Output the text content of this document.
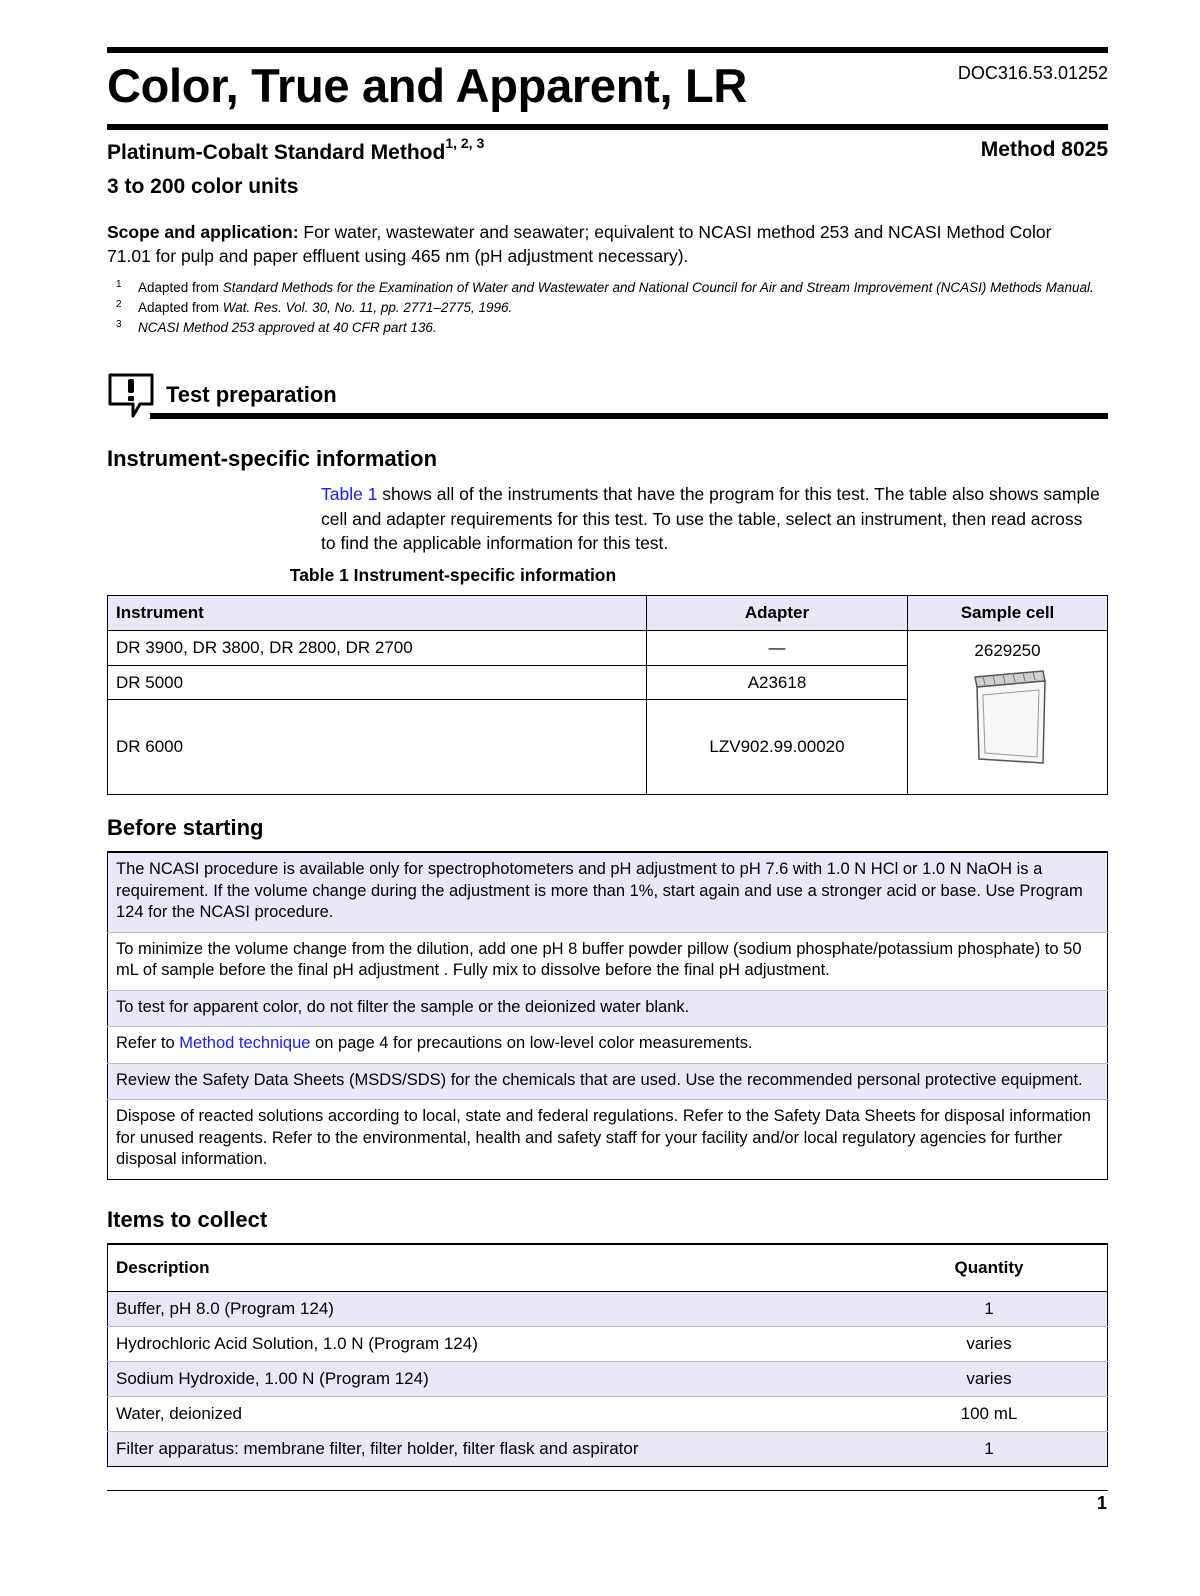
Color, True and Apparent, LR	DOC316.53.01252
Platinum-Cobalt Standard Method$^{1, 2, 3}$	Method 8025
3 to 200 color units
Scope and application: For water, wastewater and seawater; equivalent to NCASI method 253 and NCASI Method Color 71.01 for pulp and paper effluent using 465 nm (pH adjustment necessary).
1	Adapted from Standard Methods for the Examination of Water and Wastewater and National Council for Air and Stream Improvement (NCASI) Methods Manual.
2	Adapted from Wat. Res. Vol. 30, No. 11, pp. 2771–2775, 1996.
3	NCASI Method 253 approved at 40 CFR part 136.
Test preparation
Instrument-specific information
Table 1 shows all of the instruments that have the program for this test. The table also shows sample cell and adapter requirements for this test. To use the table, select an instrument, then read across to find the applicable information for this test.
Table 1 Instrument-specific information
Instrument	Adapter	Sample cell
DR 3900, DR 3800, DR 2800, DR 2700	—	2629250

DR 5000	A23618	
DR 6000	LZV902.99.00020	
Before starting
The NCASI procedure is available only for spectrophotometers and pH adjustment to pH 7.6 with 1.0 N HCl or 1.0 N NaOH is a requirement. If the volume change during the adjustment is more than 1%, start again and use a stronger acid or base. Use Program 124 for the NCASI procedure.
To minimize the volume change from the dilution, add one pH 8 buffer powder pillow (sodium phosphate/potassium phosphate) to 50 mL of sample before the final pH adjustment . Fully mix to dissolve before the final pH adjustment.
To test for apparent color, do not filter the sample or the deionized water blank.
Refer to Method technique on page 4 for precautions on low-level color measurements.
Review the Safety Data Sheets (MSDS/SDS) for the chemicals that are used. Use the recommended personal protective equipment.
Dispose of reacted solutions according to local, state and federal regulations. Refer to the Safety Data Sheets for disposal information for unused reagents. Refer to the environmental, health and safety staff for your facility and/or local regulatory agencies for further disposal information.
Items to collect
Description	Quantity
Buffer, pH 8.0 (Program 124)	1
Hydrochloric Acid Solution, 1.0 N (Program 124)	varies
Sodium Hydroxide, 1.00 N (Program 124)	varies
Water, deionized	100 mL
Filter apparatus: membrane filter, filter holder, filter flask and aspirator	1
1
